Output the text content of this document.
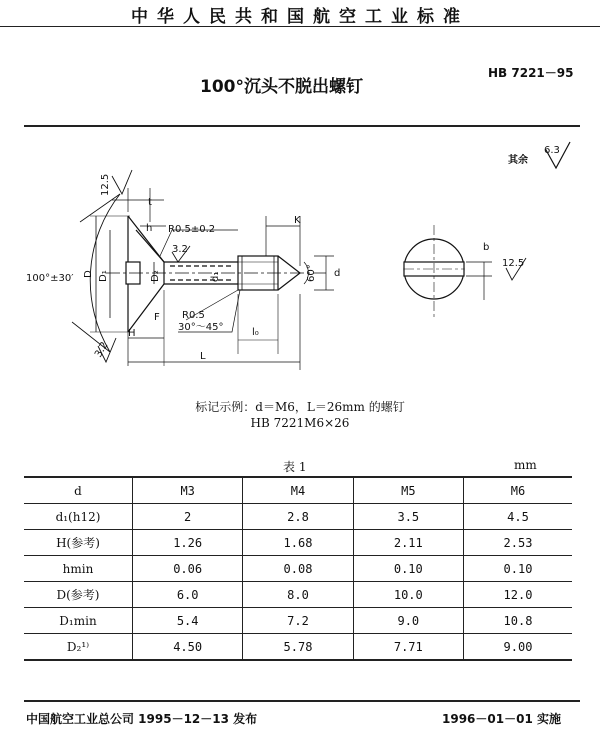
中华人民共和国航空工业标准
100°沉头不脱出螺钉
HB 7221－95
其余
6.3
12.5
t
h R0.5±0.2
K
3.2
100°±30′ D D₁	D₂	d₁	60° d
R0.5
F
H
30°～45°	l₀
3.2	L
b
12.5
标记示例：d＝M6，L＝26mm 的螺钉
HB 7221M6×26
表 1	mm
d	M3	M4	M5	M6
d₁(h12)	2	2.8	3.5	4.5
H(参考)	1.26	1.68	2.11	2.53
hmin	0.06	0.08	0.10	0.10
D(参考)	6.0	8.0	10.0	12.0
D₁min	5.4	7.2	9.0	10.8
D₂¹⁾	4.50	5.78	7.71	9.00
中国航空工业总公司 1995－12－13 发布	1996－01－01 实施
